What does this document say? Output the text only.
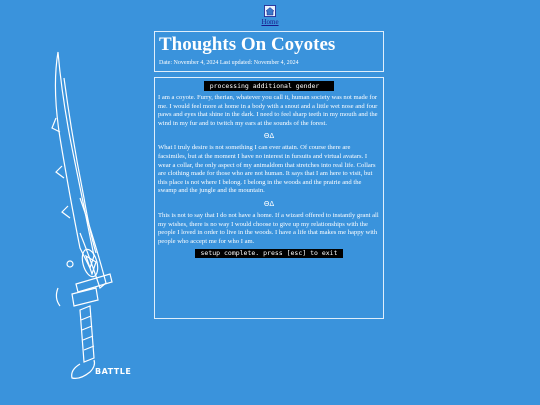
Home
BATTLE
Thoughts On Coyotes
Date: November 4, 2024 Last updated: November 4, 2024
processing additional gender

I am a coyote. Furry, therian, whatever you call it, human society was not made for me. I would feel more at home in a body with a snout and a little wet nose and four paws and eyes that shine in the dark. I need to feel sharp teeth in my mouth and the wind in my fur and to twitch my ears at the sounds of the forest.

ΘΔ

What I truly desire is not something I can ever attain. Of course there are facsimiles, but at the moment I have no interest in fursuits and virtual avatars. I wear a collar, the only aspect of my animaldom that stretches into real life. Collars are clothing made for those who are not human. It says that I am here to visit, but this place is not where I belong. I belong in the woods and the prairie and the swamp and the jungle and the mountain.

ΘΔ

This is not to say that I do not have a home. If a wizard offered to instantly grant all my wishes, there is no way I would choose to give up my relationships with the people I loved in order to live in the woods. I have a life that makes me happy with people who accept me for who I am.

setup complete. press [esc] to exit
